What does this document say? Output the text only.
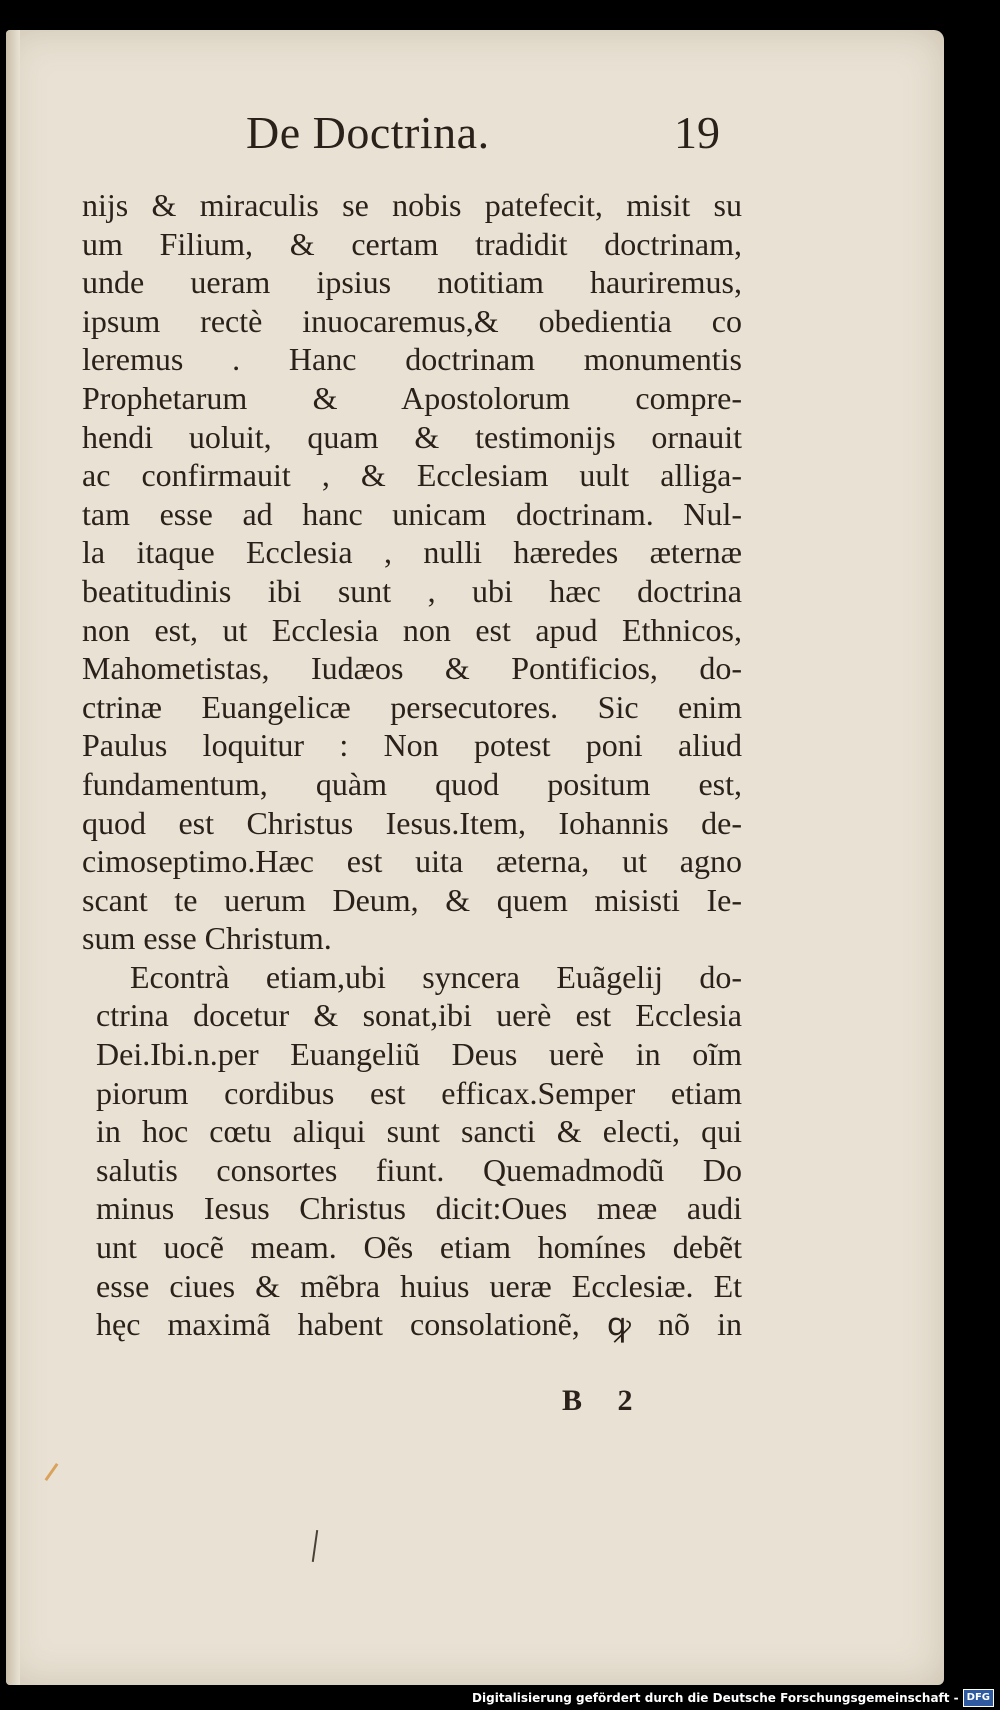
De Doctrina.	19
nijs & miraculis se nobis patefecit, misit su
um Filium, & certam tradidit doctrinam,
unde ueram ipsius notitiam hauriremus,
ipsum rectè inuocaremus,& obedientia co
leremus . Hanc doctrinam monumentis
Prophetarum & Apostolorum compre-
hendi uoluit, quam & testimonijs ornauit
ac confirmauit , & Ecclesiam uult alliga-
tam esse ad hanc unicam doctrinam. Nul-
la itaque Ecclesia , nulli hæredes æternæ
beatitudinis ibi sunt , ubi hæc doctrina
non est, ut Ecclesia non est apud Ethnicos,
Mahometistas, Iudæos & Pontificios, do-
ctrinæ Euangelicæ persecutores. Sic enim
Paulus loquitur : Non potest poni aliud
fundamentum, quàm quod positum est,
quod est Christus Iesus.Item, Iohannis de-
cimoseptimo.Hæc est uita æterna, ut agno
scant te uerum Deum, & quem misisti Ie-
sum esse Christum.
Econtrà etiam,ubi syncera Euãgelij do-
ctrina docetur & sonat,ibi uerè est Ecclesia
Dei.Ibi.n.per Euangeliũ Deus uerè in oĩm
piorum cordibus est efficax.Semper etiam
in hoc cœtu aliqui sunt sancti & electi, qui
salutis consortes fiunt. Quemadmodũ Do
minus Iesus Christus dicit:Oues meæ audi
unt uocẽ meam. Oẽs etiam homínes debẽt
esse ciues & mẽbra huius ueræ Ecclesiæ. Et
hęc maximã habent consolationẽ, ꝙ nõ in
B 2
Digitalisierung gefördert durch die Deutsche Forschungsgemeinschaft - DFG
